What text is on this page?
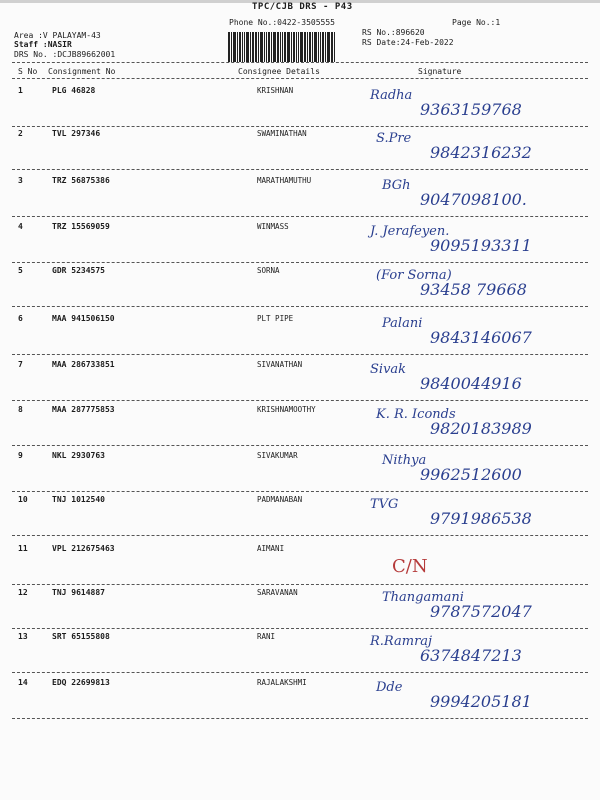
TPC/CJB DRS - P43
Phone No.:0422-3505555	Page No.:1
Area :V PALAYAM-43
Staff :NASIR
DRS No. :DCJB89662001
RS No.:896620
RS Date:24-Feb-2022
S No Consignment No	Consignee Details	Signature
1	PLG 46828	KRISHNAN	Radha
9363159768
2	TVL 297346	SWAMINATHAN	S.Pre
9842316232
3	TRZ 56875386	MARATHAMUTHU	BGh
9047098100.
4	TRZ 15569059	WINMASS	J. Jerafeyen.
9095193311
5	GDR 5234575	SORNA	(For Sorna)
93458 79668
6	MAA 941506150	PLT PIPE	Palani
9843146067
7	MAA 286733851	SIVANATHAN	Sivak
9840044916
8	MAA 287775853	KRISHNAMOOTHY	K. R. Iconds
9820183989
9	NKL 2930763	SIVAKUMAR	Nithya
9962512600
10	TNJ 1012540	PADMANABAN	TVG
9791986538
11	VPL 212675463	AIMANI
C/N
12	TNJ 9614887	SARAVANAN	Thangamani
9787572047
13	SRT 65155808	RANI	R.Ramraj
6374847213
14	EDQ 22699813	RAJALAKSHMI	Dde
9994205181
